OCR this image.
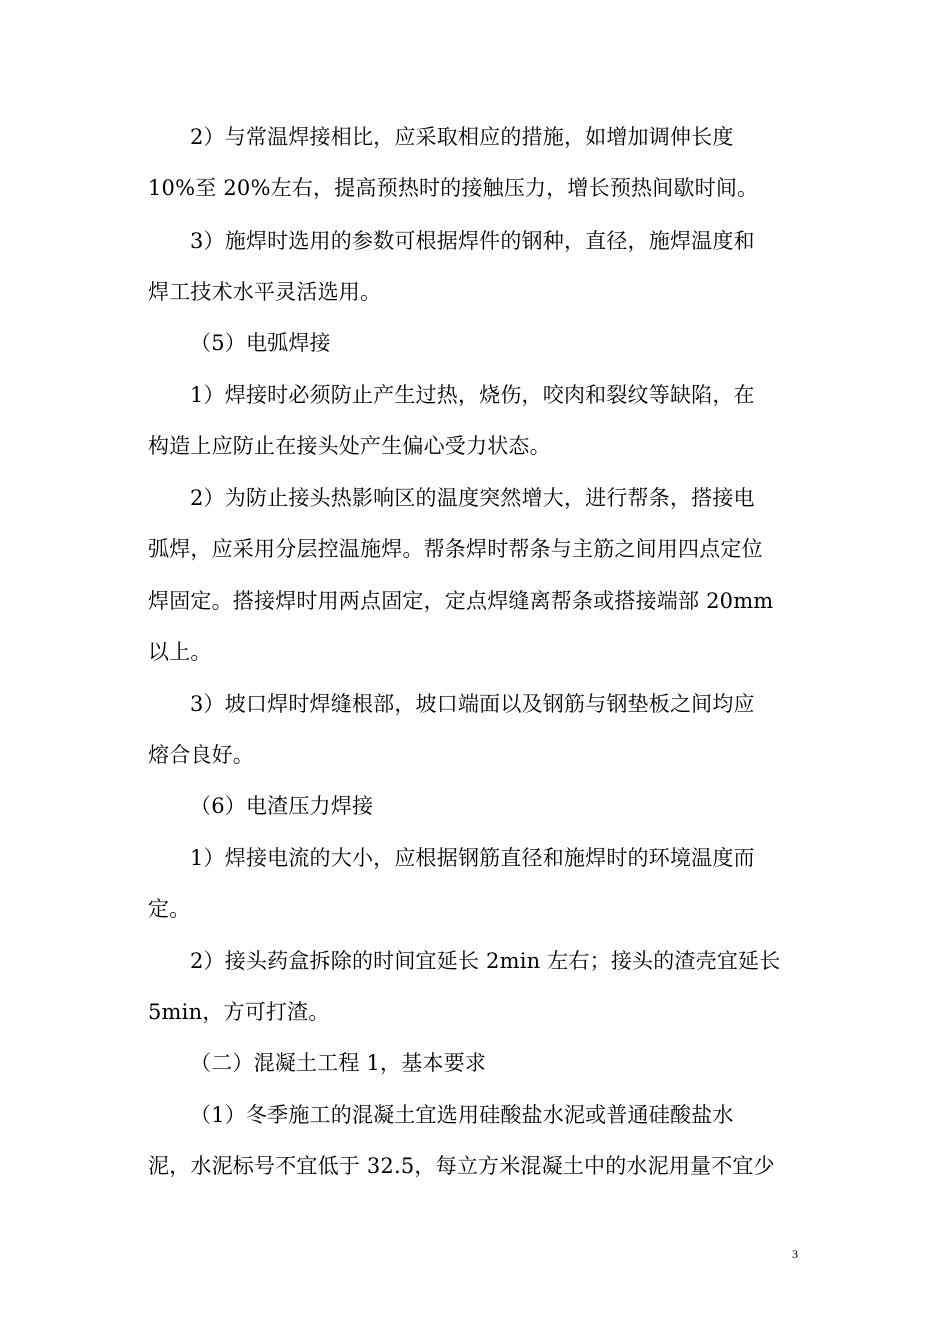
2）与常温焊接相比，应采取相应的措施，如增加调伸长度
10%至 20%左右，提高预热时的接触压力，增长预热间歇时间。
3）施焊时选用的参数可根据焊件的钢种，直径，施焊温度和
焊工技术水平灵活选用。
（5）电弧焊接
1）焊接时必须防止产生过热，烧伤，咬肉和裂纹等缺陷，在
构造上应防止在接头处产生偏心受力状态。
2）为防止接头热影响区的温度突然增大，进行帮条，搭接电
弧焊，应采用分层控温施焊。帮条焊时帮条与主筋之间用四点定位
焊固定。搭接焊时用两点固定，定点焊缝离帮条或搭接端部 20mm
以上。
3）坡口焊时焊缝根部，坡口端面以及钢筋与钢垫板之间均应
熔合良好。
（6）电渣压力焊接
1）焊接电流的大小，应根据钢筋直径和施焊时的环境温度而
定。
2）接头药盒拆除的时间宜延长 2min 左右；接头的渣壳宜延长
5min，方可打渣。
（二）混凝土工程 1，基本要求
（1）冬季施工的混凝土宜选用硅酸盐水泥或普通硅酸盐水
泥，水泥标号不宜低于 32.5，每立方米混凝土中的水泥用量不宜少
3
